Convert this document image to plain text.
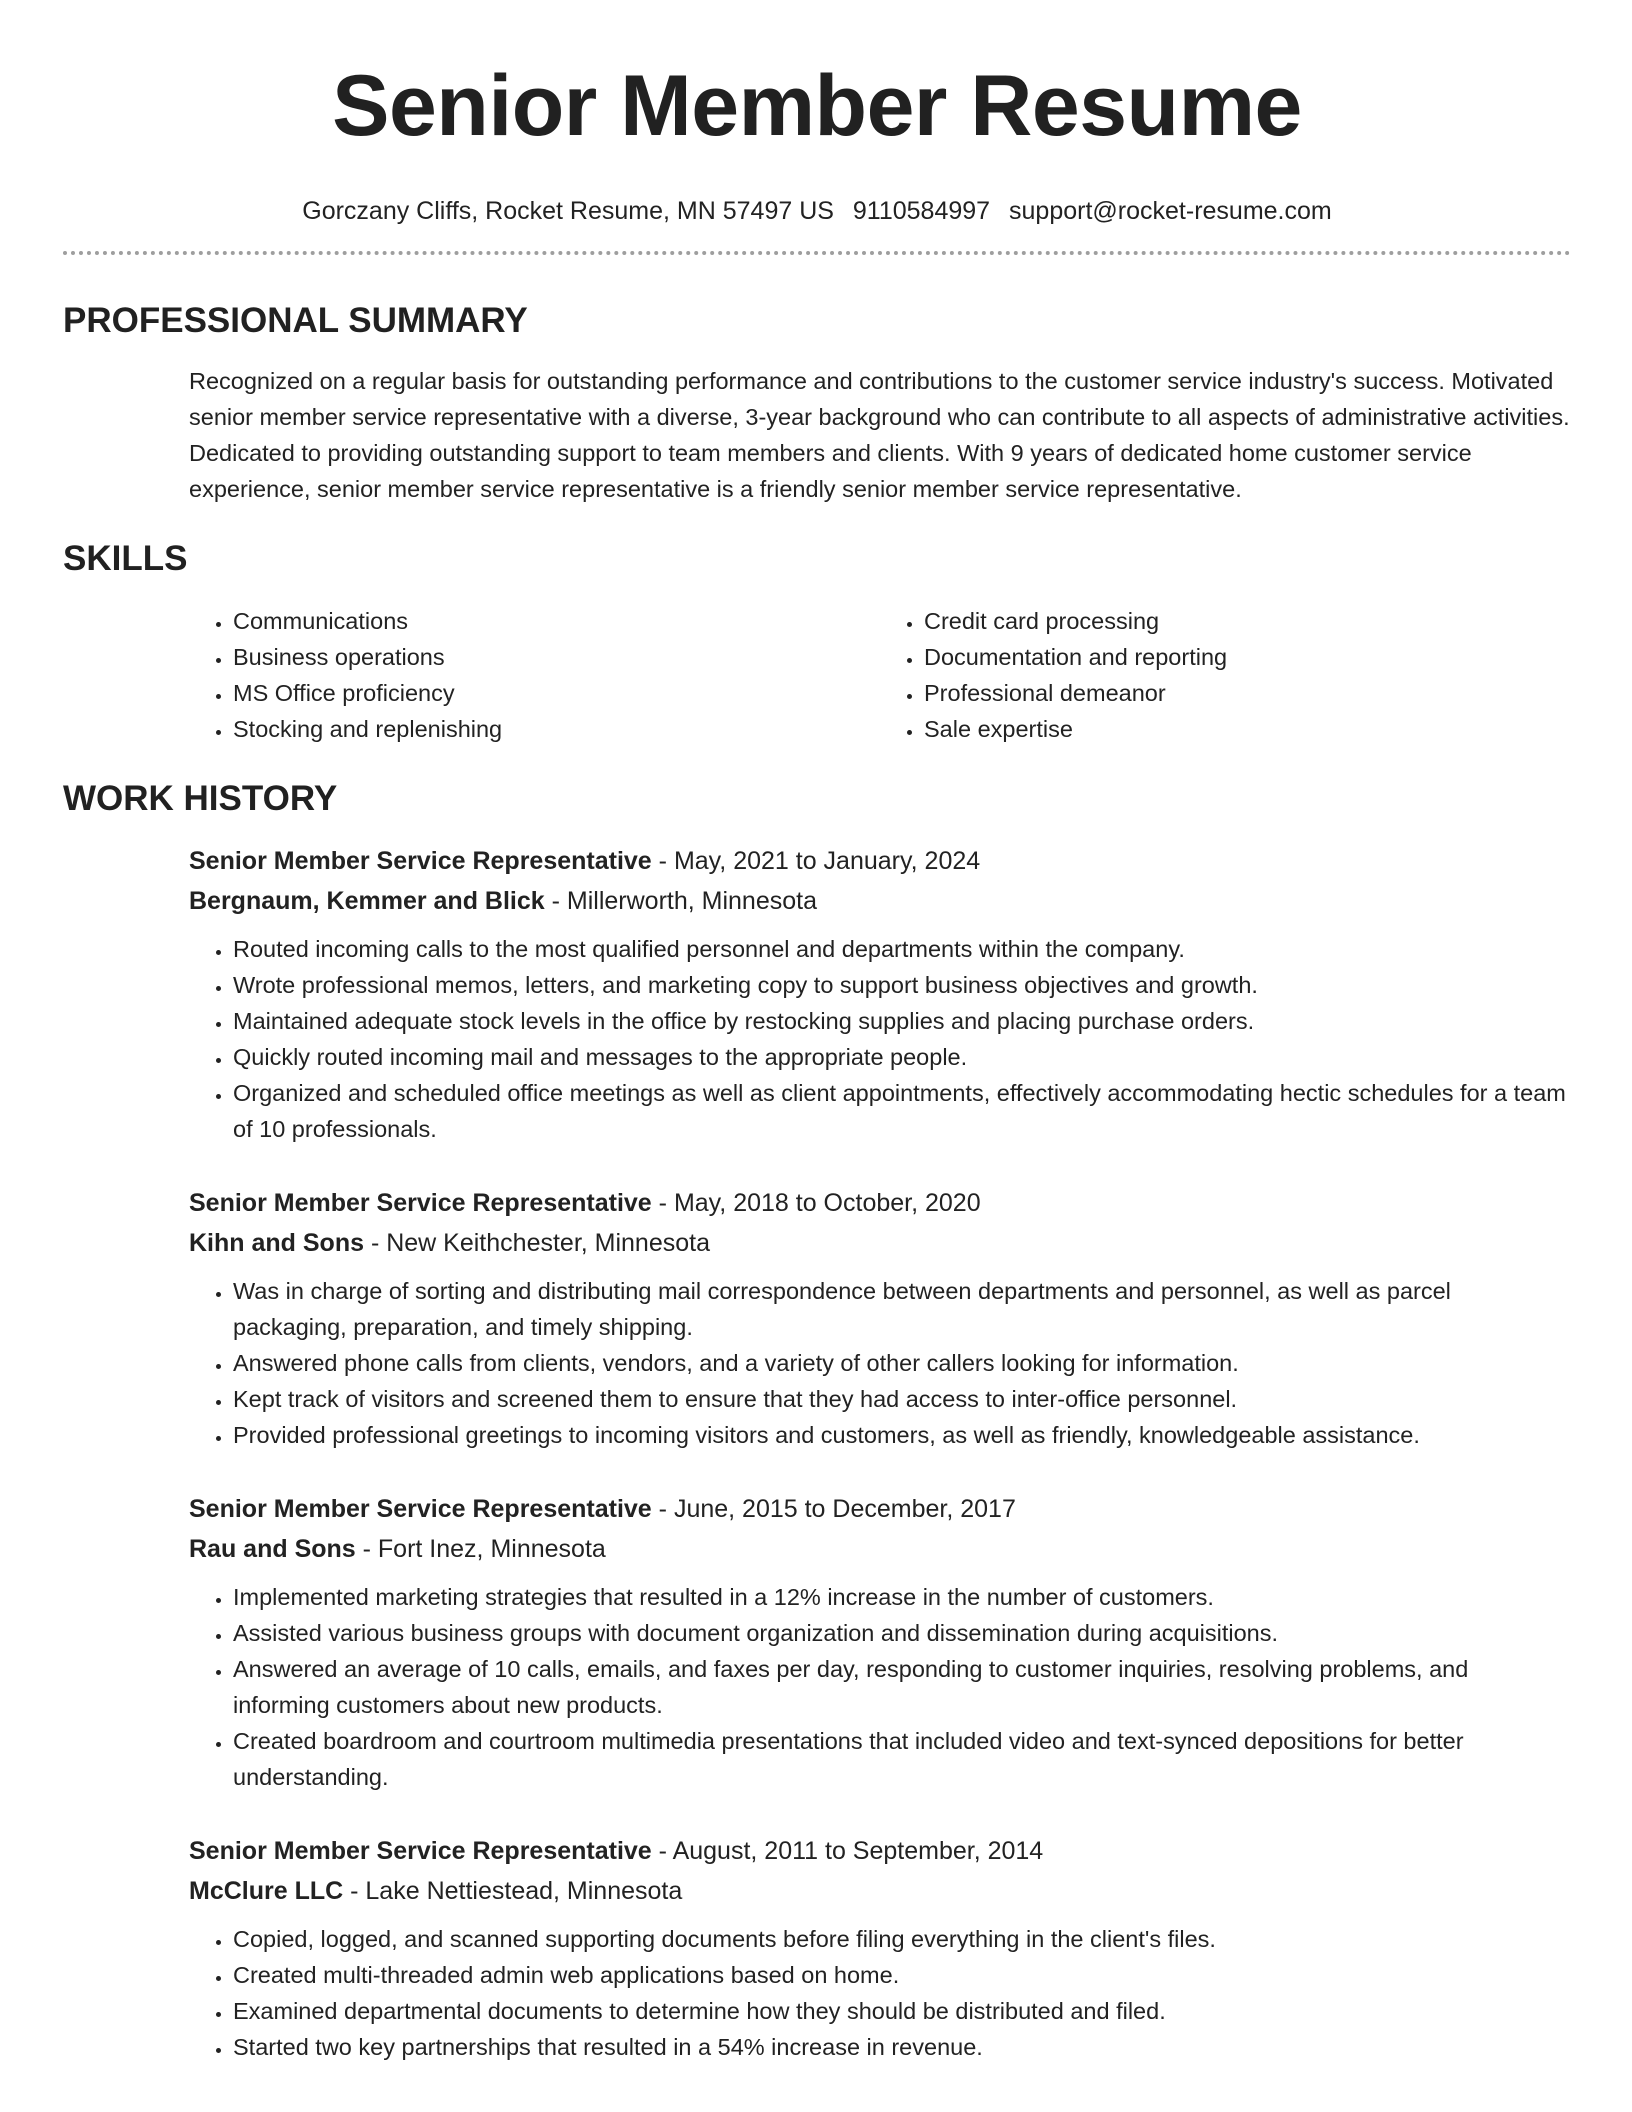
Senior Member Resume
Gorczany Cliffs, Rocket Resume, MN 57497 US 9110584997 support@rocket-resume.com
PROFESSIONAL SUMMARY

Recognized on a regular basis for outstanding performance and contributions to the customer service industry's success. Motivated senior member service representative with a diverse, 3-year background who can contribute to all aspects of administrative activities. Dedicated to providing outstanding support to team members and clients. With 9 years of dedicated home customer service experience, senior member service representative is a friendly senior member service representative.

SKILLS
• Communications
• Business operations
• MS Office proficiency
• Stocking and replenishing
• Credit card processing
• Documentation and reporting
• Professional demeanor
• Sale expertise
WORK HISTORY
Senior Member Service Representative - May, 2021 to January, 2024
Bergnaum, Kemmer and Blick - Millerworth, Minnesota
• Routed incoming calls to the most qualified personnel and departments within the company.
• Wrote professional memos, letters, and marketing copy to support business objectives and growth.
• Maintained adequate stock levels in the office by restocking supplies and placing purchase orders.
• Quickly routed incoming mail and messages to the appropriate people.
• Organized and scheduled office meetings as well as client appointments, effectively accommodating hectic schedules for a team of 10 professionals.
Senior Member Service Representative - May, 2018 to October, 2020
Kihn and Sons - New Keithchester, Minnesota
• Was in charge of sorting and distributing mail correspondence between departments and personnel, as well as parcel packaging, preparation, and timely shipping.
• Answered phone calls from clients, vendors, and a variety of other callers looking for information.
• Kept track of visitors and screened them to ensure that they had access to inter-office personnel.
• Provided professional greetings to incoming visitors and customers, as well as friendly, knowledgeable assistance.
Senior Member Service Representative - June, 2015 to December, 2017
Rau and Sons - Fort Inez, Minnesota
• Implemented marketing strategies that resulted in a 12% increase in the number of customers.
• Assisted various business groups with document organization and dissemination during acquisitions.
• Answered an average of 10 calls, emails, and faxes per day, responding to customer inquiries, resolving problems, and informing customers about new products.
• Created boardroom and courtroom multimedia presentations that included video and text-synced depositions for better understanding.
Senior Member Service Representative - August, 2011 to September, 2014
McClure LLC - Lake Nettiestead, Minnesota
• Copied, logged, and scanned supporting documents before filing everything in the client's files.
• Created multi-threaded admin web applications based on home.
• Examined departmental documents to determine how they should be distributed and filed.
• Started two key partnerships that resulted in a 54% increase in revenue.
